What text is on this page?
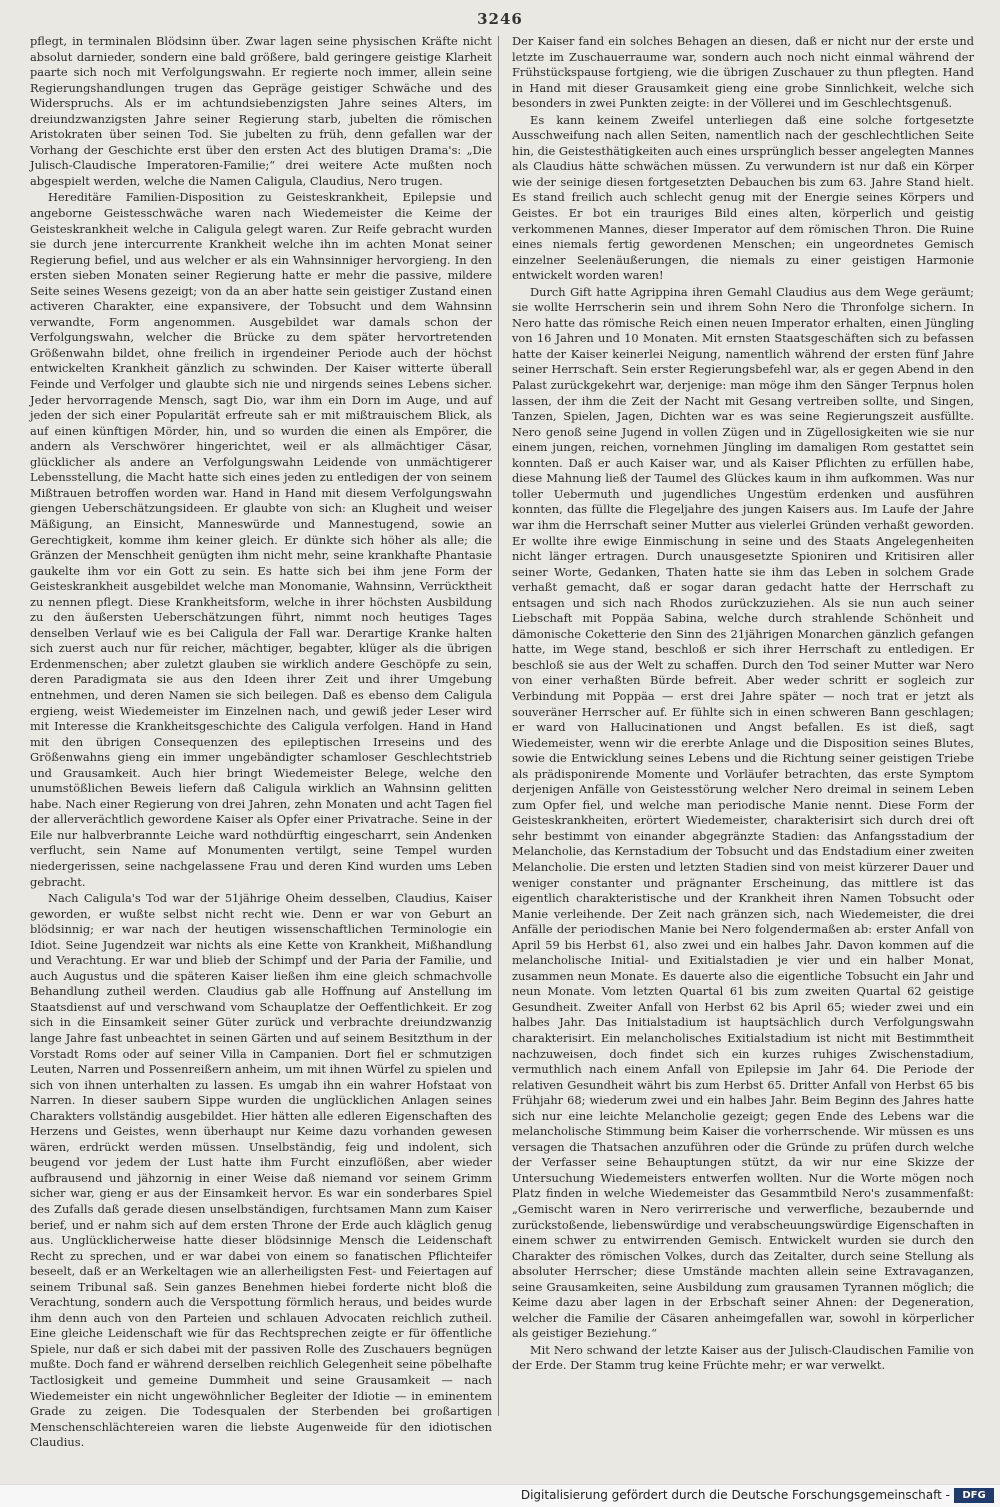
3246

pflegt, in terminalen Blödsinn über. Zwar lagen seine physischen Kräfte nicht absolut darnieder, sondern eine bald größere, bald geringere geistige Klarheit paarte sich noch mit Verfolgungswahn. Er regierte noch immer, allein seine Regierungshandlungen trugen das Gepräge geistiger Schwäche und des Widerspruchs. Als er im achtundsiebenzigsten Jahre seines Alters, im dreiundzwanzigsten Jahre seiner Regierung starb, jubelten die römischen Aristokraten über seinen Tod. Sie jubelten zu früh, denn gefallen war der Vorhang der Geschichte erst über den ersten Act des blutigen Drama's: „Die Julisch-Claudische Imperatoren-Familie;“ drei weitere Acte mußten noch abgespielt werden, welche die Namen Caligula, Claudius, Nero trugen.

Hereditäre Familien-Disposition zu Geisteskrankheit, Epilepsie und angeborne Geistesschwäche waren nach Wiedemeister die Keime der Geisteskrankheit welche in Caligula gelegt waren. Zur Reife gebracht wurden sie durch jene intercurrente Krankheit welche ihn im achten Monat seiner Regierung befiel, und aus welcher er als ein Wahnsinniger hervorgieng. In den ersten sieben Monaten seiner Regierung hatte er mehr die passive, mildere Seite seines Wesens gezeigt; von da an aber hatte sein geistiger Zustand einen activeren Charakter, eine expansivere, der Tobsucht und dem Wahnsinn verwandte, Form angenommen. Ausgebildet war damals schon der Verfolgungswahn, welcher die Brücke zu dem später hervortretenden Größenwahn bildet, ohne freilich in irgendeiner Periode auch der höchst entwickelten Krankheit gänzlich zu schwinden. Der Kaiser witterte überall Feinde und Verfolger und glaubte sich nie und nirgends seines Lebens sicher. Jeder hervorragende Mensch, sagt Dio, war ihm ein Dorn im Auge, und auf jeden der sich einer Popularität erfreute sah er mit mißtrauischem Blick, als auf einen künftigen Mörder, hin, und so wurden die einen als Empörer, die andern als Verschwörer hingerichtet, weil er als allmächtiger Cäsar, glücklicher als andere an Verfolgungswahn Leidende von unmächtigerer Lebensstellung, die Macht hatte sich eines jeden zu entledigen der von seinem Mißtrauen betroffen worden war. Hand in Hand mit diesem Verfolgungswahn giengen Ueberschätzungsideen. Er glaubte von sich: an Klugheit und weiser Mäßigung, an Einsicht, Manneswürde und Mannestugend, sowie an Gerechtigkeit, komme ihm keiner gleich. Er dünkte sich höher als alle; die Gränzen der Menschheit genügten ihm nicht mehr, seine krankhafte Phantasie gaukelte ihm vor ein Gott zu sein. Es hatte sich bei ihm jene Form der Geisteskrankheit ausgebildet welche man Monomanie, Wahnsinn, Verrücktheit zu nennen pflegt. Diese Krankheitsform, welche in ihrer höchsten Ausbildung zu den äußersten Ueberschätzungen führt, nimmt noch heutiges Tages denselben Verlauf wie es bei Caligula der Fall war. Derartige Kranke halten sich zuerst auch nur für reicher, mächtiger, begabter, klüger als die übrigen Erdenmenschen; aber zuletzt glauben sie wirklich andere Geschöpfe zu sein, deren Paradigmata sie aus den Ideen ihrer Zeit und ihrer Umgebung entnehmen, und deren Namen sie sich beilegen. Daß es ebenso dem Caligula ergieng, weist Wiedemeister im Einzelnen nach, und gewiß jeder Leser wird mit Interesse die Krankheitsgeschichte des Caligula verfolgen. Hand in Hand mit den übrigen Consequenzen des epileptischen Irreseins und des Größenwahns gieng ein immer ungebändigter schamloser Geschlechtstrieb und Grausamkeit. Auch hier bringt Wiedemeister Belege, welche den unumstößlichen Beweis liefern daß Caligula wirklich an Wahnsinn gelitten habe. Nach einer Regierung von drei Jahren, zehn Monaten und acht Tagen fiel der allerverächtlich gewordene Kaiser als Opfer einer Privatrache. Seine in der Eile nur halbverbrannte Leiche ward nothdürftig eingescharrt, sein Andenken verflucht, sein Name auf Monumenten vertilgt, seine Tempel wurden niedergerissen, seine nachgelassene Frau und deren Kind wurden ums Leben gebracht.

Nach Caligula's Tod war der 51jährige Oheim desselben, Claudius, Kaiser geworden, er wußte selbst nicht recht wie. Denn er war von Geburt an blödsinnig; er war nach der heutigen wissenschaftlichen Terminologie ein Idiot. Seine Jugendzeit war nichts als eine Kette von Krankheit, Mißhandlung und Verachtung. Er war und blieb der Schimpf und der Paria der Familie, und auch Augustus und die späteren Kaiser ließen ihm eine gleich schmachvolle Behandlung zutheil werden. Claudius gab alle Hoffnung auf Anstellung im Staatsdienst auf und verschwand vom Schauplatze der Oeffentlichkeit. Er zog sich in die Einsamkeit seiner Güter zurück und verbrachte dreiundzwanzig lange Jahre fast unbeachtet in seinen Gärten und auf seinem Besitzthum in der Vorstadt Roms oder auf seiner Villa in Campanien. Dort fiel er schmutzigen Leuten, Narren und Possenreißern anheim, um mit ihnen Würfel zu spielen und sich von ihnen unterhalten zu lassen. Es umgab ihn ein wahrer Hofstaat von Narren. In dieser saubern Sippe wurden die unglücklichen Anlagen seines Charakters vollständig ausgebildet. Hier hätten alle edleren Eigenschaften des Herzens und Geistes, wenn überhaupt nur Keime dazu vorhanden gewesen wären, erdrückt werden müssen. Unselbständig, feig und indolent, sich beugend vor jedem der Lust hatte ihm Furcht einzuflößen, aber wieder aufbrausend und jähzornig in einer Weise daß niemand vor seinem Grimm sicher war, gieng er aus der Einsamkeit hervor. Es war ein sonderbares Spiel des Zufalls daß gerade diesen unselbständigen, furchtsamen Mann zum Kaiser berief, und er nahm sich auf dem ersten Throne der Erde auch kläglich genug aus. Unglücklicherweise hatte dieser blödsinnige Mensch die Leidenschaft Recht zu sprechen, und er war dabei von einem so fanatischen Pflichteifer beseelt, daß er an Werkeltagen wie an allerheiligsten Fest- und Feiertagen auf seinem Tribunal saß. Sein ganzes Benehmen hiebei forderte nicht bloß die Verachtung, sondern auch die Verspottung förmlich heraus, und beides wurde ihm denn auch von den Parteien und schlauen Advocaten reichlich zutheil. Eine gleiche Leidenschaft wie für das Rechtsprechen zeigte er für öffentliche Spiele, nur daß er sich dabei mit der passiven Rolle des Zuschauers begnügen mußte. Doch fand er während derselben reichlich Gelegenheit seine pöbelhafte Tactlosigkeit und gemeine Dummheit und seine Grausamkeit — nach Wiedemeister ein nicht ungewöhnlicher Begleiter der Idiotie — in eminentem Grade zu zeigen. Die Todesqualen der Sterbenden bei großartigen Menschenschlächtereien waren die liebste Augenweide für den idiotischen Claudius.

Der Kaiser fand ein solches Behagen an diesen, daß er nicht nur der erste und letzte im Zuschauerraume war, sondern auch noch nicht einmal während der Frühstückspause fortgieng, wie die übrigen Zuschauer zu thun pflegten. Hand in Hand mit dieser Grausamkeit gieng eine grobe Sinnlichkeit, welche sich besonders in zwei Punkten zeigte: in der Völlerei und im Geschlechtsgenuß.

Es kann keinem Zweifel unterliegen daß eine solche fortgesetzte Ausschweifung nach allen Seiten, namentlich nach der geschlechtlichen Seite hin, die Geistesthätigkeiten auch eines ursprünglich besser angelegten Mannes als Claudius hätte schwächen müssen. Zu verwundern ist nur daß ein Körper wie der seinige diesen fortgesetzten Debauchen bis zum 63. Jahre Stand hielt. Es stand freilich auch schlecht genug mit der Energie seines Körpers und Geistes. Er bot ein trauriges Bild eines alten, körperlich und geistig verkommenen Mannes, dieser Imperator auf dem römischen Thron. Die Ruine eines niemals fertig gewordenen Menschen; ein ungeordnetes Gemisch einzelner Seelenäußerungen, die niemals zu einer geistigen Harmonie entwickelt worden waren!

Durch Gift hatte Agrippina ihren Gemahl Claudius aus dem Wege geräumt; sie wollte Herrscherin sein und ihrem Sohn Nero die Thronfolge sichern. In Nero hatte das römische Reich einen neuen Imperator erhalten, einen Jüngling von 16 Jahren und 10 Monaten. Mit ernsten Staatsgeschäften sich zu befassen hatte der Kaiser keinerlei Neigung, namentlich während der ersten fünf Jahre seiner Herrschaft. Sein erster Regierungsbefehl war, als er gegen Abend in den Palast zurückgekehrt war, derjenige: man möge ihm den Sänger Terpnus holen lassen, der ihm die Zeit der Nacht mit Gesang vertreiben sollte, und Singen, Tanzen, Spielen, Jagen, Dichten war es was seine Regierungszeit ausfüllte. Nero genoß seine Jugend in vollen Zügen und in Zügellosigkeiten wie sie nur einem jungen, reichen, vornehmen Jüngling im damaligen Rom gestattet sein konnten. Daß er auch Kaiser war, und als Kaiser Pflichten zu erfüllen habe, diese Mahnung ließ der Taumel des Glückes kaum in ihm aufkommen. Was nur toller Uebermuth und jugendliches Ungestüm erdenken und ausführen konnten, das füllte die Flegeljahre des jungen Kaisers aus. Im Laufe der Jahre war ihm die Herrschaft seiner Mutter aus vielerlei Gründen verhaßt geworden. Er wollte ihre ewige Einmischung in seine und des Staats Angelegenheiten nicht länger ertragen. Durch unausgesetzte Spioniren und Kritisiren aller seiner Worte, Gedanken, Thaten hatte sie ihm das Leben in solchem Grade verhaßt gemacht, daß er sogar daran gedacht hatte der Herrschaft zu entsagen und sich nach Rhodos zurückzuziehen. Als sie nun auch seiner Liebschaft mit Poppäa Sabina, welche durch strahlende Schönheit und dämonische Coketterie den Sinn des 21jährigen Monarchen gänzlich gefangen hatte, im Wege stand, beschloß er sich ihrer Herrschaft zu entledigen. Er beschloß sie aus der Welt zu schaffen. Durch den Tod seiner Mutter war Nero von einer verhaßten Bürde befreit. Aber weder schritt er sogleich zur Verbindung mit Poppäa — erst drei Jahre später — noch trat er jetzt als souveräner Herrscher auf. Er fühlte sich in einen schweren Bann geschlagen; er ward von Hallucinationen und Angst befallen. Es ist dieß, sagt Wiedemeister, wenn wir die ererbte Anlage und die Disposition seines Blutes, sowie die Entwicklung seines Lebens und die Richtung seiner geistigen Triebe als prädisponirende Momente und Vorläufer betrachten, das erste Symptom derjenigen Anfälle von Geistesstörung welcher Nero dreimal in seinem Leben zum Opfer fiel, und welche man periodische Manie nennt. Diese Form der Geisteskrankheiten, erörtert Wiedemeister, charakterisirt sich durch drei oft sehr bestimmt von einander abgegränzte Stadien: das Anfangsstadium der Melancholie, das Kernstadium der Tobsucht und das Endstadium einer zweiten Melancholie. Die ersten und letzten Stadien sind von meist kürzerer Dauer und weniger constanter und prägnanter Erscheinung, das mittlere ist das eigentlich charakteristische und der Krankheit ihren Namen Tobsucht oder Manie verleihende. Der Zeit nach gränzen sich, nach Wiedemeister, die drei Anfälle der periodischen Manie bei Nero folgendermaßen ab: erster Anfall von April 59 bis Herbst 61, also zwei und ein halbes Jahr. Davon kommen auf die melancholische Initial- und Exitialstadien je vier und ein halber Monat, zusammen neun Monate. Es dauerte also die eigentliche Tobsucht ein Jahr und neun Monate. Vom letzten Quartal 61 bis zum zweiten Quartal 62 geistige Gesundheit. Zweiter Anfall von Herbst 62 bis April 65; wieder zwei und ein halbes Jahr. Das Initialstadium ist hauptsächlich durch Verfolgungswahn charakterisirt. Ein melancholisches Exitialstadium ist nicht mit Bestimmtheit nachzuweisen, doch findet sich ein kurzes ruhiges Zwischenstadium, vermuthlich nach einem Anfall von Epilepsie im Jahr 64. Die Periode der relativen Gesundheit währt bis zum Herbst 65. Dritter Anfall von Herbst 65 bis Frühjahr 68; wiederum zwei und ein halbes Jahr. Beim Beginn des Jahres hatte sich nur eine leichte Melancholie gezeigt; gegen Ende des Lebens war die melancholische Stimmung beim Kaiser die vorherrschende. Wir müssen es uns versagen die Thatsachen anzuführen oder die Gründe zu prüfen durch welche der Verfasser seine Behauptungen stützt, da wir nur eine Skizze der Untersuchung Wiedemeisters entwerfen wollten. Nur die Worte mögen noch Platz finden in welche Wiedemeister das Gesammtbild Nero's zusammenfaßt: „Gemischt waren in Nero verirrerische und verwerfliche, bezaubernde und zurückstoßende, liebenswürdige und verabscheuungswürdige Eigenschaften in einem schwer zu entwirrenden Gemisch. Entwickelt wurden sie durch den Charakter des römischen Volkes, durch das Zeitalter, durch seine Stellung als absoluter Herrscher; diese Umstände machten allein seine Extravaganzen, seine Grausamkeiten, seine Ausbildung zum grausamen Tyrannen möglich; die Keime dazu aber lagen in der Erbschaft seiner Ahnen: der Degeneration, welcher die Familie der Cäsaren anheimgefallen war, sowohl in körperlicher als geistiger Beziehung.“

Mit Nero schwand der letzte Kaiser aus der Julisch-Claudischen Familie von der Erde. Der Stamm trug keine Früchte mehr; er war verwelkt.

Digitalisierung gefördert durch die Deutsche Forschungsgemeinschaft -	DFG
